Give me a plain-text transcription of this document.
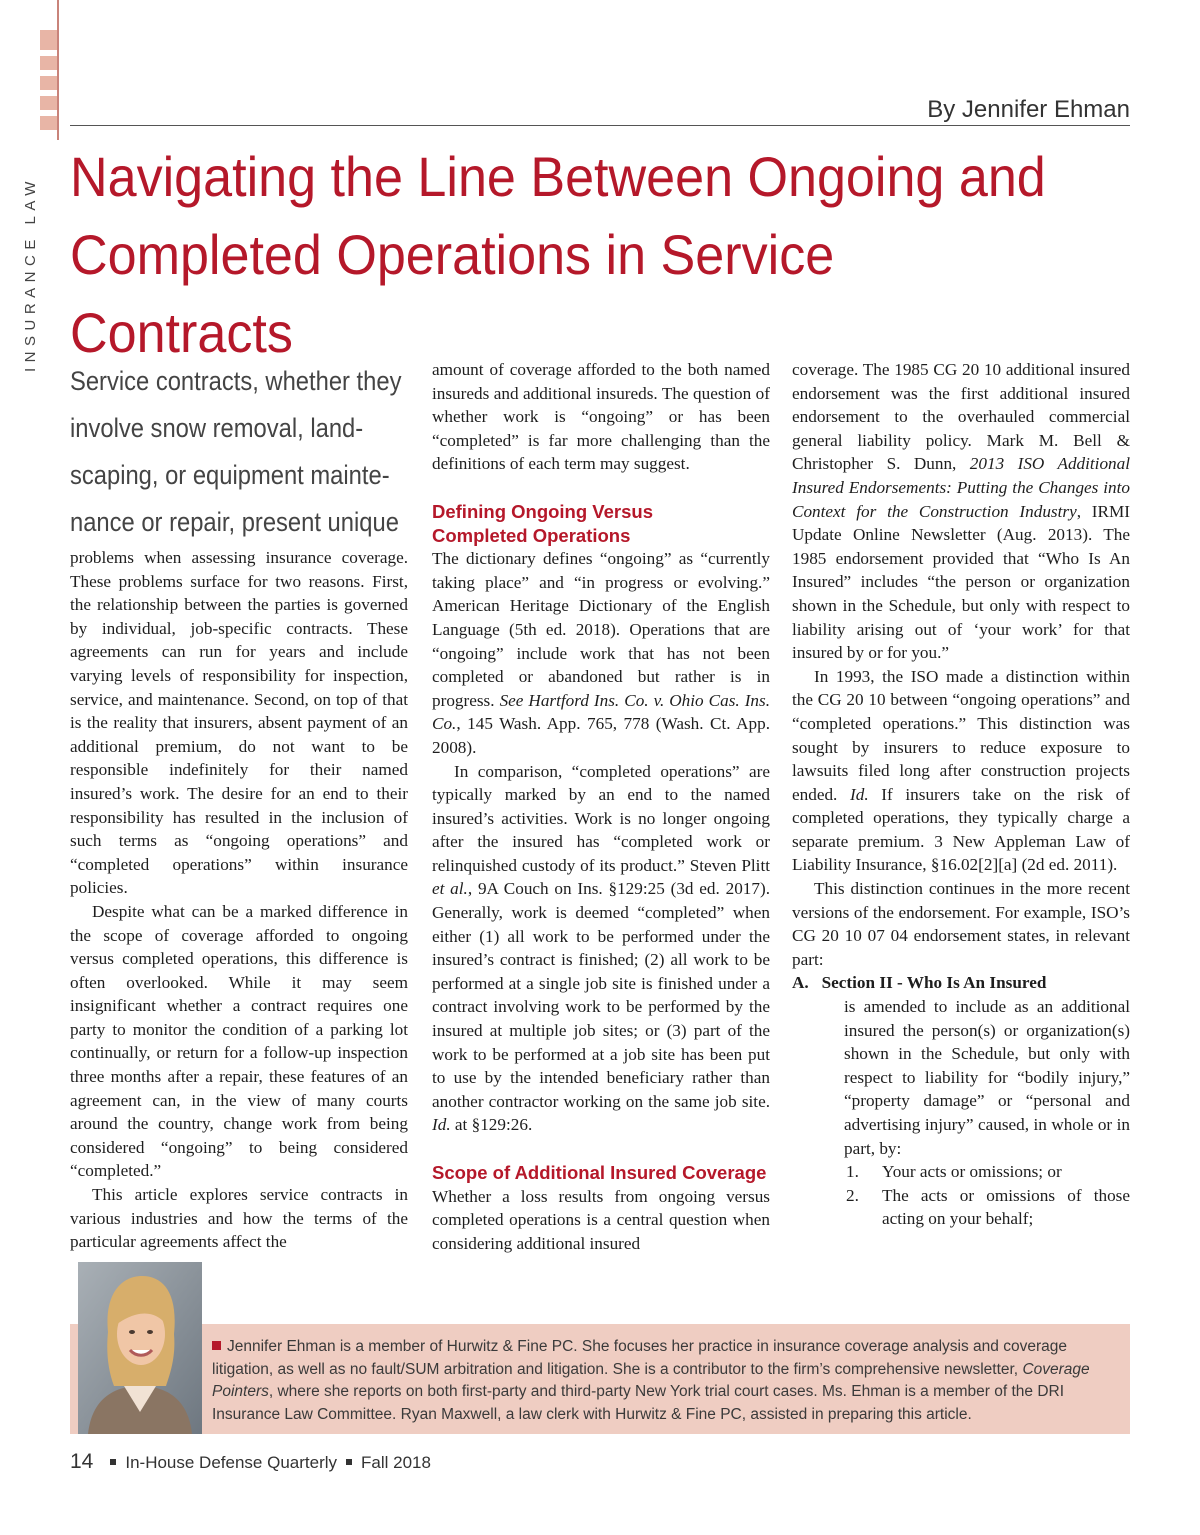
INSURANCE LAW
By Jennifer Ehman
Navigating the Line Between Ongoing and
Completed Operations in Service Contracts

Service contracts, whether they involve snow removal, land-scaping, or equipment mainte-nance or repair, present unique

problems when assessing insurance coverage. These problems surface for two reasons. First, the relationship between the parties is governed by individual, job-specific contracts. These agreements can run for years and include varying levels of responsibility for inspection, service, and maintenance. Second, on top of that is the reality that insurers, absent payment of an additional premium, do not want to be responsible indefinitely for their named insured’s work. The desire for an end to their responsibility has resulted in the inclusion of such terms as “ongoing operations” and “completed operations” within insurance policies.

Despite what can be a marked difference in the scope of coverage afforded to ongoing versus completed operations, this difference is often overlooked. While it may seem insignificant whether a contract requires one party to monitor the condition of a parking lot continually, or return for a follow-up inspection three months after a repair, these features of an agreement can, in the view of many courts around the country, change work from being considered “ongoing” to being considered “completed.”

This article explores service contracts in various industries and how the terms of the particular agreements affect the

amount of coverage afforded to the both named insureds and additional insureds. The question of whether work is “ongoing” or has been “completed” is far more challenging than the definitions of each term may suggest.

Defining Ongoing Versus
Completed Operations

The dictionary defines “ongoing” as “currently taking place” and “in progress or evolving.” American Heritage Dictionary of the English Language (5th ed. 2018). Operations that are “ongoing” include work that has not been completed or abandoned but rather is in progress. See Hartford Ins. Co. v. Ohio Cas. Ins. Co., 145 Wash. App. 765, 778 (Wash. Ct. App. 2008).

In comparison, “completed operations” are typically marked by an end to the named insured’s activities. Work is no longer ongoing after the insured has “completed work or relinquished custody of its product.” Steven Plitt et al., 9A Couch on Ins. §129:25 (3d ed. 2017). Generally, work is deemed “completed” when either (1) all work to be performed under the insured’s contract is finished; (2) all work to be performed at a single job site is finished under a contract involving work to be performed by the insured at multiple job sites; or (3) part of the work to be performed at a job site has been put to use by the intended beneficiary rather than another contractor working on the same job site. Id. at §129:26.

Scope of Additional Insured Coverage

Whether a loss results from ongoing versus completed operations is a central question when considering additional insured

coverage. The 1985 CG 20 10 additional insured endorsement was the first additional insured endorsement to the overhauled commercial general liability policy. Mark M. Bell & Christopher S. Dunn, 2013 ISO Additional Insured Endorsements: Putting the Changes into Context for the Construction Industry, IRMI Update Online Newsletter (Aug. 2013). The 1985 endorsement provided that “Who Is An Insured” includes “the person or organization shown in the Schedule, but only with respect to liability arising out of ‘your work’ for that insured by or for you.”

In 1993, the ISO made a distinction within the CG 20 10 between “ongoing operations” and “completed operations.” This distinction was sought by insurers to reduce exposure to lawsuits filed long after construction projects ended. Id. If insurers take on the risk of completed operations, they typically charge a separate premium. 3 New Appleman Law of Liability Insurance, §16.02[2][a] (2d ed. 2011).

This distinction continues in the more recent versions of the endorsement. For example, ISO’s CG 20 10 07 04 endorsement states, in relevant part:

A. Section II - Who Is An Insured
is amended to include as an additional insured the person(s) or organization(s) shown in the Schedule, but only with respect to liability for “bodily injury,” “property damage” or “personal and advertising injury” caused, in whole or in part, by:
1. Your acts or omissions; or
2. The acts or omissions of those acting on your behalf;
Jennifer Ehman is a member of Hurwitz & Fine PC. She focuses her practice in insurance coverage analysis and coverage litigation, as well as no fault/SUM arbitration and litigation. She is a contributor to the firm’s comprehensive newsletter, Coverage Pointers, where she reports on both first-party and third-party New York trial court cases. Ms. Ehman is a member of the DRI Insurance Law Committee. Ryan Maxwell, a law clerk with Hurwitz & Fine PC, assisted in preparing this article.
14 In-House Defense Quarterly Fall 2018
